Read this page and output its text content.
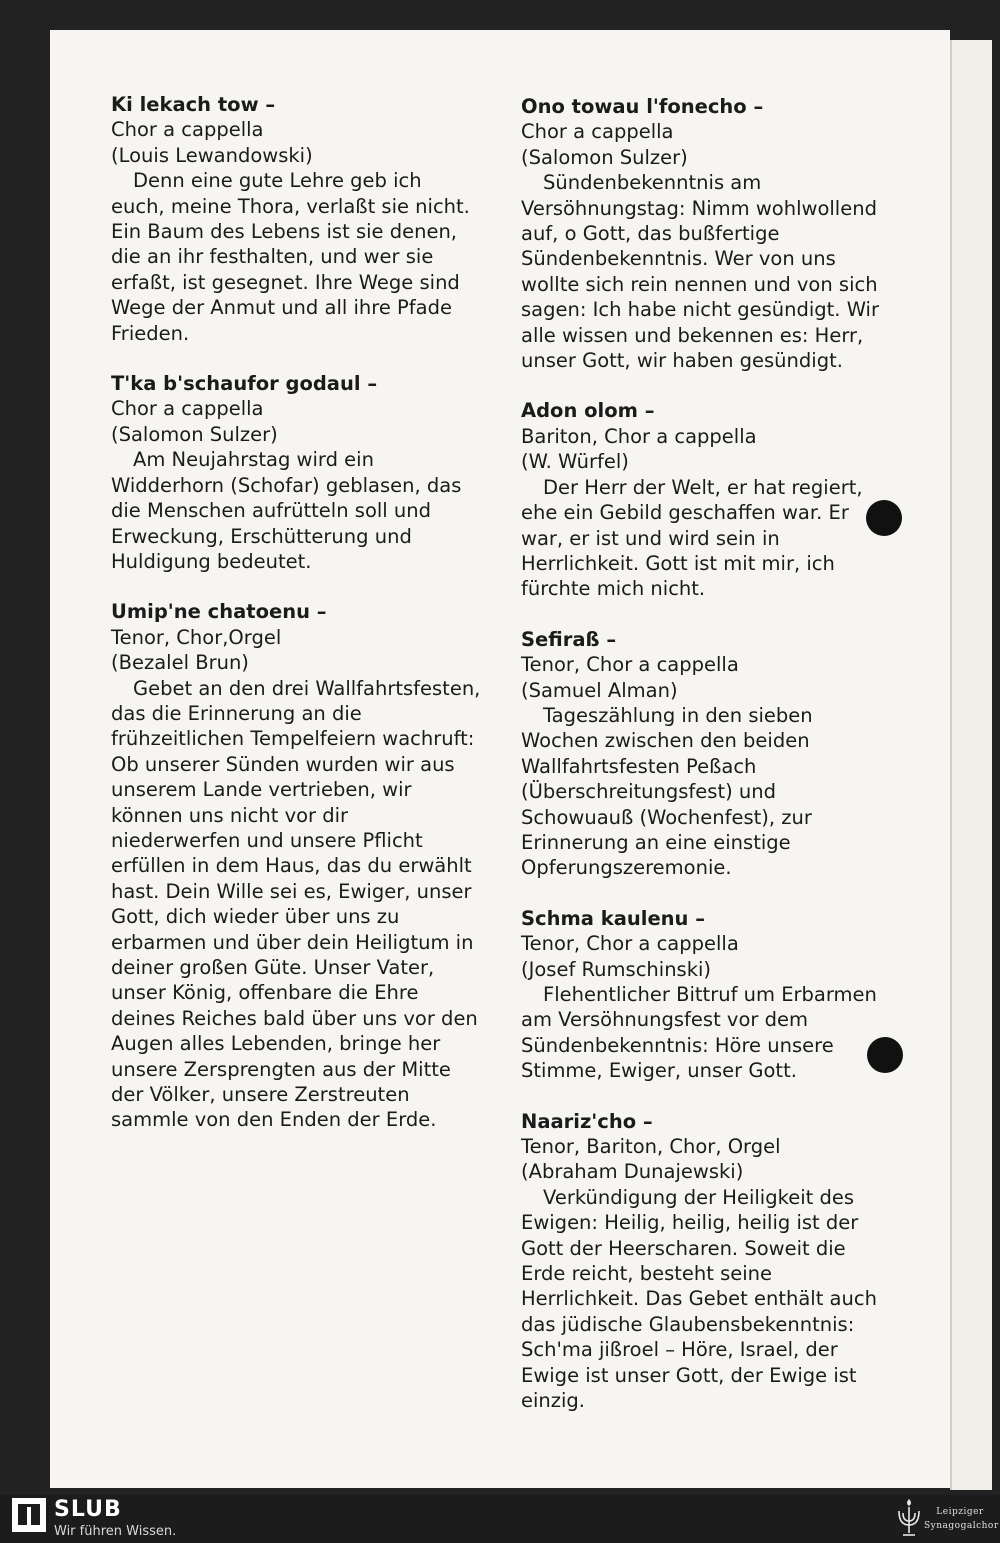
Ki lekach tow –
Chor a cappella
(Louis Lewandowski)
Denn eine gute Lehre geb ich euch, meine Thora, verlaßt sie nicht. Ein Baum des Lebens ist sie denen, die an ihr festhalten, und wer sie erfaßt, ist gesegnet. Ihre Wege sind Wege der Anmut und all ihre Pfade Frieden.
T'ka b'schaufor godaul –
Chor a cappella
(Salomon Sulzer)
Am Neujahrstag wird ein Widderhorn (Schofar) geblasen, das die Menschen aufrütteln soll und Erweckung, Erschütterung und Huldigung bedeutet.
Umip'ne chatoenu –
Tenor, Chor,Orgel
(Bezalel Brun)
Gebet an den drei Wallfahrtsfesten, das die Erinnerung an die frühzeitlichen Tempelfeiern wachruft: Ob unserer Sünden wurden wir aus unserem Lande vertrieben, wir können uns nicht vor dir niederwerfen und unsere Pflicht erfüllen in dem Haus, das du erwählt hast. Dein Wille sei es, Ewiger, unser Gott, dich wieder über uns zu erbarmen und über dein Heiligtum in deiner großen Güte. Unser Vater, unser König, offenbare die Ehre deines Reiches bald über uns vor den Augen alles Lebenden, bringe her unsere Zersprengten aus der Mitte der Völker, unsere Zerstreuten sammle von den Enden der Erde.
Ono towau l'fonecho –
Chor a cappella
(Salomon Sulzer)
Sündenbekenntnis am Versöhnungstag: Nimm wohlwollend auf, o Gott, das bußfertige Sündenbekenntnis. Wer von uns wollte sich rein nennen und von sich sagen: Ich habe nicht gesündigt. Wir alle wissen und bekennen es: Herr, unser Gott, wir haben gesündigt.
Adon olom –
Bariton, Chor a cappella
(W. Würfel)
Der Herr der Welt, er hat regiert, ehe ein Gebild geschaffen war. Er war, er ist und wird sein in Herrlichkeit. Gott ist mit mir, ich fürchte mich nicht.
Sefiraß –
Tenor, Chor a cappella
(Samuel Alman)
Tageszählung in den sieben Wochen zwischen den beiden Wallfahrtsfesten Peßach (Überschreitungsfest) und Schowuauß (Wochenfest), zur Erinnerung an eine einstige Opferungszeremonie.
Schma kaulenu –
Tenor, Chor a cappella
(Josef Rumschinski)
Flehentlicher Bittruf um Erbarmen am Versöhnungsfest vor dem Sündenbekenntnis: Höre unsere Stimme, Ewiger, unser Gott.
Naariz'cho –
Tenor, Bariton, Chor, Orgel
(Abraham Dunajewski)
Verkündigung der Heiligkeit des Ewigen: Heilig, heilig, heilig ist der Gott der Heerscharen. Soweit die Erde reicht, besteht seine Herrlichkeit. Das Gebet enthält auch das jüdische Glaubensbekenntnis: Sch'ma jißroel – Höre, Israel, der Ewige ist unser Gott, der Ewige ist einzig.
SLUB
Wir führen Wissen.
Leipziger
Synagogalchor
